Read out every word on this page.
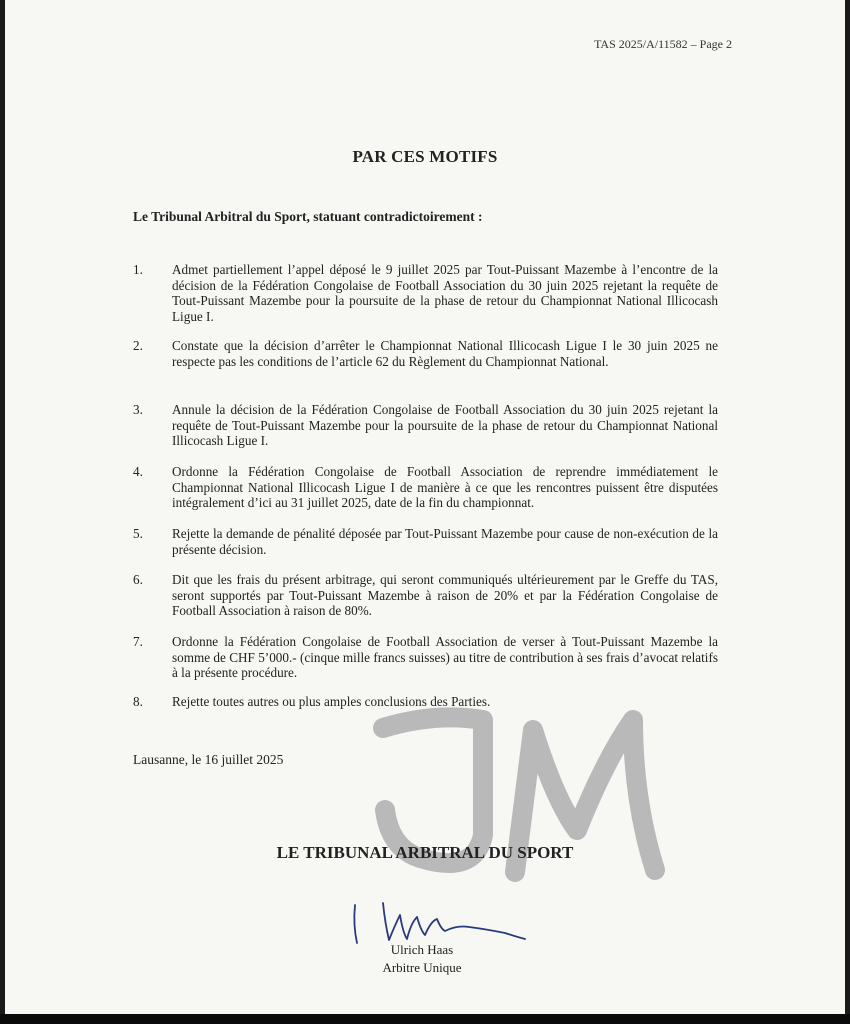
TAS 2025/A/11582 – Page 2
PAR CES MOTIFS
Le Tribunal Arbitral du Sport, statuant contradictoirement :
1.	Admet partiellement l’appel déposé le 9 juillet 2025 par Tout-Puissant Mazembe à l’encontre de la décision de la Fédération Congolaise de Football Association du 30 juin 2025 rejetant la requête de Tout-Puissant Mazembe pour la poursuite de la phase de retour du Championnat National Illicocash Ligue I.
2.	Constate que la décision d’arrêter le Championnat National Illicocash Ligue I le 30 juin 2025 ne respecte pas les conditions de l’article 62 du Règlement du Championnat National.
3.	Annule la décision de la Fédération Congolaise de Football Association du 30 juin 2025 rejetant la requête de Tout-Puissant Mazembe pour la poursuite de la phase de retour du Championnat National Illicocash Ligue I.
4.	Ordonne la Fédération Congolaise de Football Association de reprendre immédiatement le Championnat National Illicocash Ligue I de manière à ce que les rencontres puissent être disputées intégralement d’ici au 31 juillet 2025, date de la fin du championnat.
5.	Rejette la demande de pénalité déposée par Tout-Puissant Mazembe pour cause de non-exécution de la présente décision.
6.	Dit que les frais du présent arbitrage, qui seront communiqués ultérieurement par le Greffe du TAS, seront supportés par Tout-Puissant Mazembe à raison de 20% et par la Fédération Congolaise de Football Association à raison de 80%.
7.	Ordonne la Fédération Congolaise de Football Association de verser à Tout-Puissant Mazembe la somme de CHF 5’000.- (cinque mille francs suisses) au titre de contribution à ses frais d’avocat relatifs à la présente procédure.
8.	Rejette toutes autres ou plus amples conclusions des Parties.
Lausanne, le 16 juillet 2025
LE TRIBUNAL ARBITRAL DU SPORT
Ulrich Haas
Arbitre Unique
